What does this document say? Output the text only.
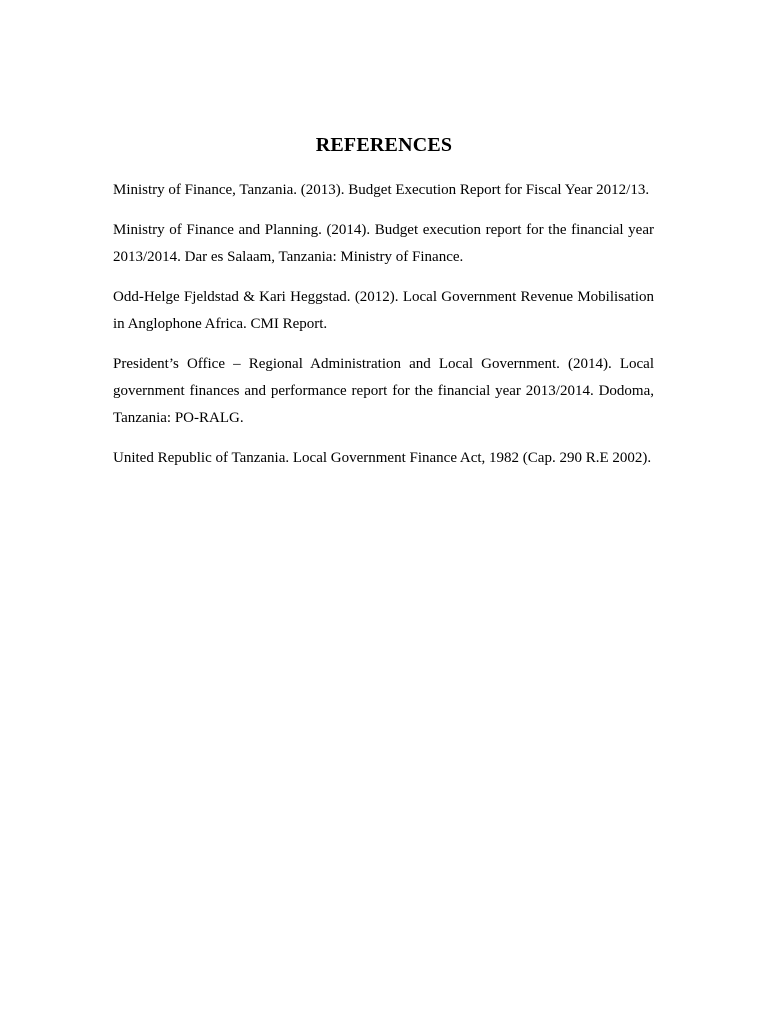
REFERENCES

Ministry of Finance, Tanzania. (2013). Budget Execution Report for Fiscal Year 2012/13.

Ministry of Finance and Planning. (2014). Budget execution report for the financial year 2013/2014. Dar es Salaam, Tanzania: Ministry of Finance.

Odd-Helge Fjeldstad & Kari Heggstad. (2012). Local Government Revenue Mobilisation in Anglophone Africa. CMI Report.

President’s Office – Regional Administration and Local Government. (2014). Local government finances and performance report for the financial year 2013/2014. Dodoma, Tanzania: PO-RALG.

United Republic of Tanzania. Local Government Finance Act, 1982 (Cap. 290 R.E 2002).
